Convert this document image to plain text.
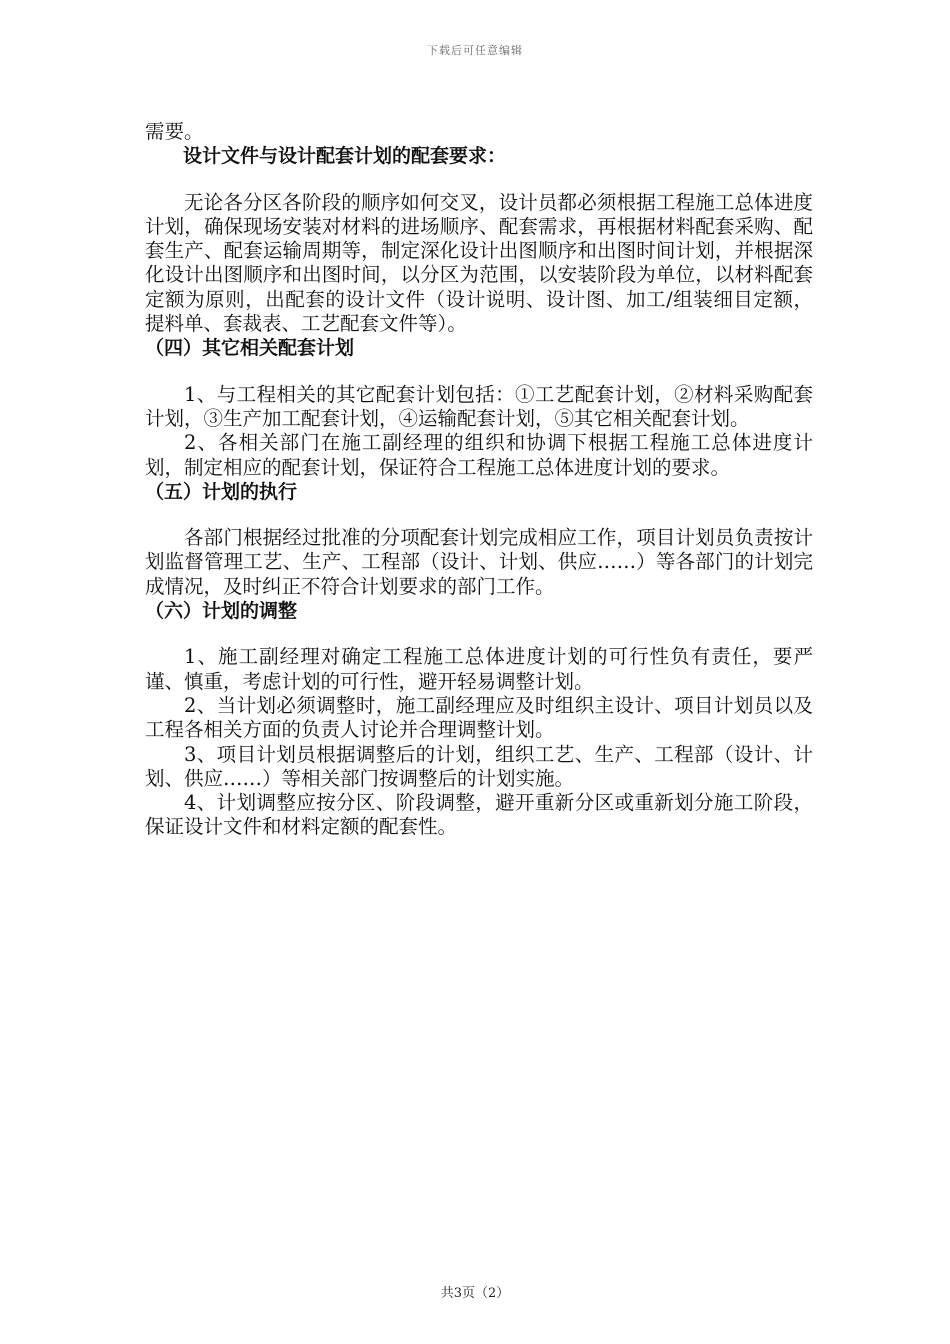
下载后可任意编辑

需要。

设计文件与设计配套计划的配套要求：

无论各分区各阶段的顺序如何交叉，设计员都必须根据工程施工总体进度计划，确保现场安装对材料的进场顺序、配套需求，再根据材料配套采购、配套生产、配套运输周期等，制定深化设计出图顺序和出图时间计划，并根据深化设计出图顺序和出图时间，以分区为范围，以安装阶段为单位，以材料配套定额为原则，出配套的设计文件（设计说明、设计图、加工/组装细目定额，提料单、套裁表、工艺配套文件等）。

（四）其它相关配套计划

1、与工程相关的其它配套计划包括：①工艺配套计划，②材料采购配套计划，③生产加工配套计划，④运输配套计划，⑤其它相关配套计划。

2、各相关部门在施工副经理的组织和协调下根据工程施工总体进度计划，制定相应的配套计划，保证符合工程施工总体进度计划的要求。

（五）计划的执行

各部门根据经过批准的分项配套计划完成相应工作，项目计划员负责按计划监督管理工艺、生产、工程部（设计、计划、供应……）等各部门的计划完成情况，及时纠正不符合计划要求的部门工作。

（六）计划的调整

1、施工副经理对确定工程施工总体进度计划的可行性负有责任，要严谨、慎重，考虑计划的可行性，避开轻易调整计划。

2、当计划必须调整时，施工副经理应及时组织主设计、项目计划员以及工程各相关方面的负责人讨论并合理调整计划。

3、项目计划员根据调整后的计划，组织工艺、生产、工程部（设计、计划、供应……）等相关部门按调整后的计划实施。

4、计划调整应按分区、阶段调整，避开重新分区或重新划分施工阶段，保证设计文件和材料定额的配套性。

共3页（2）
